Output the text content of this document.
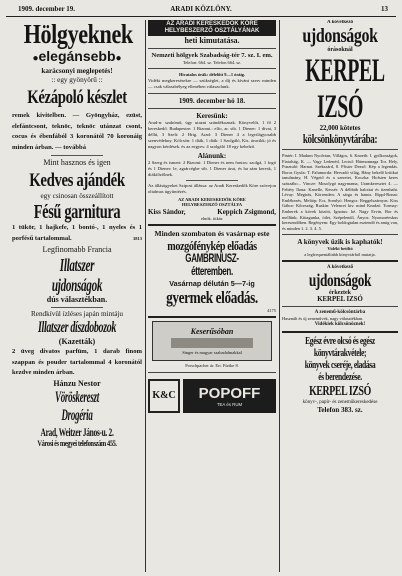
1909. december 19.	ARADI KÖZLÖNY.	13
Hölgyeknek
●elegánsebb●
karácsonyi meglepetés!
:: egy gyönyörű ::
Kézápoló készlet
remek kivitelben. — Gyöngyház, ezüst, elefántcsont, teknöc, teknöc utánzat csont, cocus és ébenfából 3 koronától 70 koronáig minden árban. — továbbá
Mint hasznos és igen
Kedves ajándék
egy csinosan összeállított
Fésű garnitura
1 tükör, 1 hajkefe, 1 bontó-, 1 nyeles és 1 porfésű tartalommal.	3813
Legfinomabb Francia
Illatszer ujdonságok
dús választékban.
Rendkívül ízléses japán mintáju
Illatszer díszdobozok
(Kazetták)
2 üveg divatos parfüm, 1 darab finom szappan és pouder tartalommal 4 koronától kezdve minden árban.
Hánzu Nestor
Vöröskereszt Drogéria
Arad, Weitzer János-u. 2.
Városi és megyei telefonszám 455.
AZ ARADI KERESKEDŐK KÖRE
HELYBESZERZŐ OSZTÁLYÁNAK
heti kimutatása.
Nemzeti hölgyek Szabadság-tér 7. sz. I. em.
Telefon: 664. sz. Telefon 664. sz.
Hivatalos órák: délelőtt 9—1 óráig.
Vidéki megkeresésekre — szükséglet, a díj és kívánt szerv minden — csak válaszbélyeg ellenében válaszolunk.
1909. december hó 18.
Keresünk:
Arad-n: szabómű, ügy utazni szándékoznak. Könyvelőt, 1 fő 2 kereskedő. Budapestre: 1 Bizomi.: elfo, ar. stb. 1 Diener: 1 divat, 3 déllú, 3 Szelt: 2 Hrig. Arad: 3 Diener 4 a legvilágyosabb szenvédekny. Kölcsön: 1 diák, 1 diák: 1 Szolgáló, Kis. árucikk; jó és nagyon kérdések. és az eegyes: 4 szolgáló 18 egy kebelző.
Alánunk:
2 Szerg és ismert: 2 Bizomi: 1 Diener és nem fontos: szolgá, 1 fogó és 1 Diener: le, agrárcégbe stb. 1 Diener árut, és ha sám keresk, 1 diákfőzőlnek.
Az állásügyeket Szipost állássa: az Aradi Kereskedők Köre szövejon oltalmas ügyiintézés.
AZ ARADI KERESKEDŐK KÖRE
HELYBESZERZŐ OSZTÁLYA
Kiss Sándor,	Keppich Zsigmond,
elnök. titkár.
Minden szombaton és vasárnap este
mozgófénykép előadás
GAMBRINUSZ-étteremben.
Vasárnap délután 5—7-ig
gyermek előadás.
4175
Keserűsóban
Singer és magyar szabadalmakkal
Porschpacher ár. Ert. Fürtke 8.
K&C POPOFF
TEA és RUM
A következő
ujdonságok
órásoknál
KERPEL IZSÓ
22,000 kötetes
kölcsönkönyvtárába:
Pintér: I. Madum Nyolvtan, Villágos, 6. Knoeth: I. gyilkosságok, Fiatalság, K. — Vagy Ledenéd, Leciul: Hármonnaga Tor. Hely, Pusztuló: Harnat. Szekszárd, 8. Pfister Dezső: Kép a legendás. Boros Gyula: T. Falumorda: Hervadó világ, Hány bekelő kritikai tanulmány, H. Végető és a szeretet, Koczka: Hofsten keres szászábo... Vincze: Mosolygó nagymama, Uramkeresztet 4. — Fehéry Ilona: Kanelle, Kessér: A délibáb halottai és tizenhaht. Lévay: Megirás, Körrenden: A sárga és hamis. Rippl-Ronai: Emlékezés, Meltöp: Ecs, Somlyó. Hengcs: Reggelszárnyas. Kiss Gábor: Kőország, Ruskin: Velencei ktv. mind Keadzö. Tormay: Emberek a kövek között, Ignotus: ké. Nagy Ervin, Bor és mellűnk; Kittagunka, ötlet, Szépelendő, Ányos: Nyomoréeskus keresendőben. Regényem: Egy boldogtalan esztendő és amig van, és minden 1. 2. 3. 4. 5.
A könyvek üzik is kaphatók!
Vidéki betiltó
a legfrequentáltabb könyvtárból mutatja.
A következő
ujdonságok
érkeztek
KERPEL IZSÓ
A zenemű-kölcsöntárba
Használt és új zeneművek, nagy választékban.
Vidékiek kölcsönöznek!
Egész évre olcsó és egész könyvtárakvétele;
könyvek cseréje, eladása
és berendezése.
KERPEL IZSÓ
könyv-, papír- és zeneműkereskedése
Telefon 383. sz.
